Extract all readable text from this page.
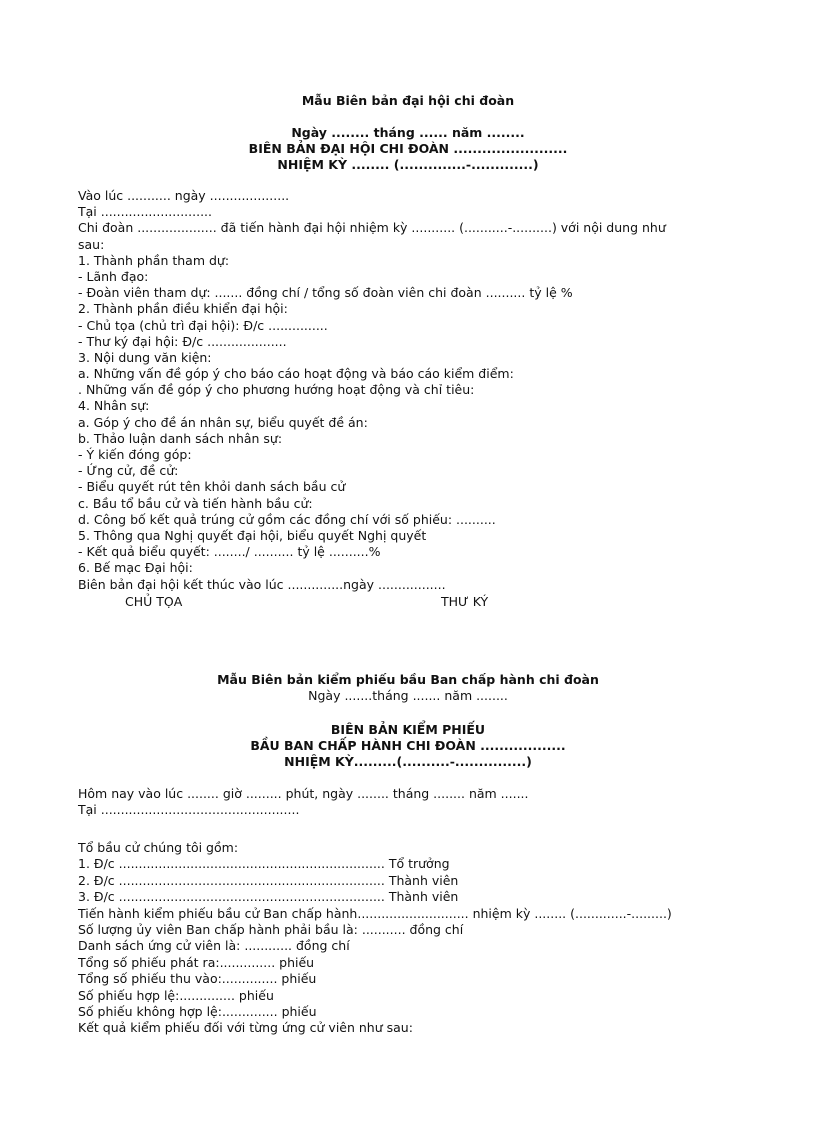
Mẫu Biên bản đại hội chi đoàn

Ngày ........ tháng ...... năm ........

BIÊN BẢN ĐẠI HỘI CHI ĐOÀN ........................

NHIỆM KỲ ........ (..............-.............)

Vào lúc ........... ngày ....................
Tại ............................
Chi đoàn .................... đã tiến hành đại hội nhiệm kỳ ........... (...........-..........) với nội dung như
sau:
1. Thành phần tham dự:
- Lãnh đạo:
- Đoàn viên tham dự: ....... đồng chí / tổng số đoàn viên chi đoàn .......... tỷ lệ %
2. Thành phần điều khiển đại hội:
- Chủ tọa (chủ trì đại hội): Đ/c ...............
- Thư ký đại hội: Đ/c ....................
3. Nội dung văn kiện:
a. Những vấn đề góp ý cho báo cáo hoạt động và báo cáo kiểm điểm:
. Những vấn đề góp ý cho phương hướng hoạt động và chỉ tiêu:
4. Nhân sự:
a. Góp ý cho đề án nhân sự, biểu quyết đề án:
b. Thảo luận danh sách nhân sự:
- Ý kiến đóng góp:
- Ứng cử, đề cử:
- Biểu quyết rút tên khỏi danh sách bầu cử
c. Bầu tổ bầu cử và tiến hành bầu cử:
d. Công bố kết quả trúng cử gồm các đồng chí với số phiếu: ..........
5. Thông qua Nghị quyết đại hội, biểu quyết Nghị quyết
- Kết quả biểu quyết: ......../ .......... tỷ lệ ..........%
6. Bế mạc Đại hội:
Biên bản đại hội kết thúc vào lúc ..............ngày .................
CHỦ TỌA	THƯ KÝ

Mẫu Biên bản kiểm phiếu bầu Ban chấp hành chi đoàn

Ngày .......tháng ....... năm ........

BIÊN BẢN KIỂM PHIẾU

BẦU BAN CHẤP HÀNH CHI ĐOÀN ..................

NHIỆM KỲ.........(..........-...............)

Hôm nay vào lúc ........ giờ ......... phút, ngày ........ tháng ........ năm .......
Tại ..................................................
Tổ bầu cử chúng tôi gồm:
1. Đ/c ................................................................... Tổ trưởng
2. Đ/c ................................................................... Thành viên
3. Đ/c ................................................................... Thành viên
Tiến hành kiểm phiếu bầu cử Ban chấp hành............................ nhiệm kỳ ........ (.............-.........)
Số lượng ủy viên Ban chấp hành phải bầu là: ........... đồng chí
Danh sách ứng cử viên là: ............ đồng chí
Tổng số phiếu phát ra:.............. phiếu
Tổng số phiếu thu vào:.............. phiếu
Số phiếu hợp lệ:.............. phiếu
Số phiếu không hợp lệ:.............. phiếu
Kết quả kiểm phiếu đối với từng ứng cử viên như sau:
